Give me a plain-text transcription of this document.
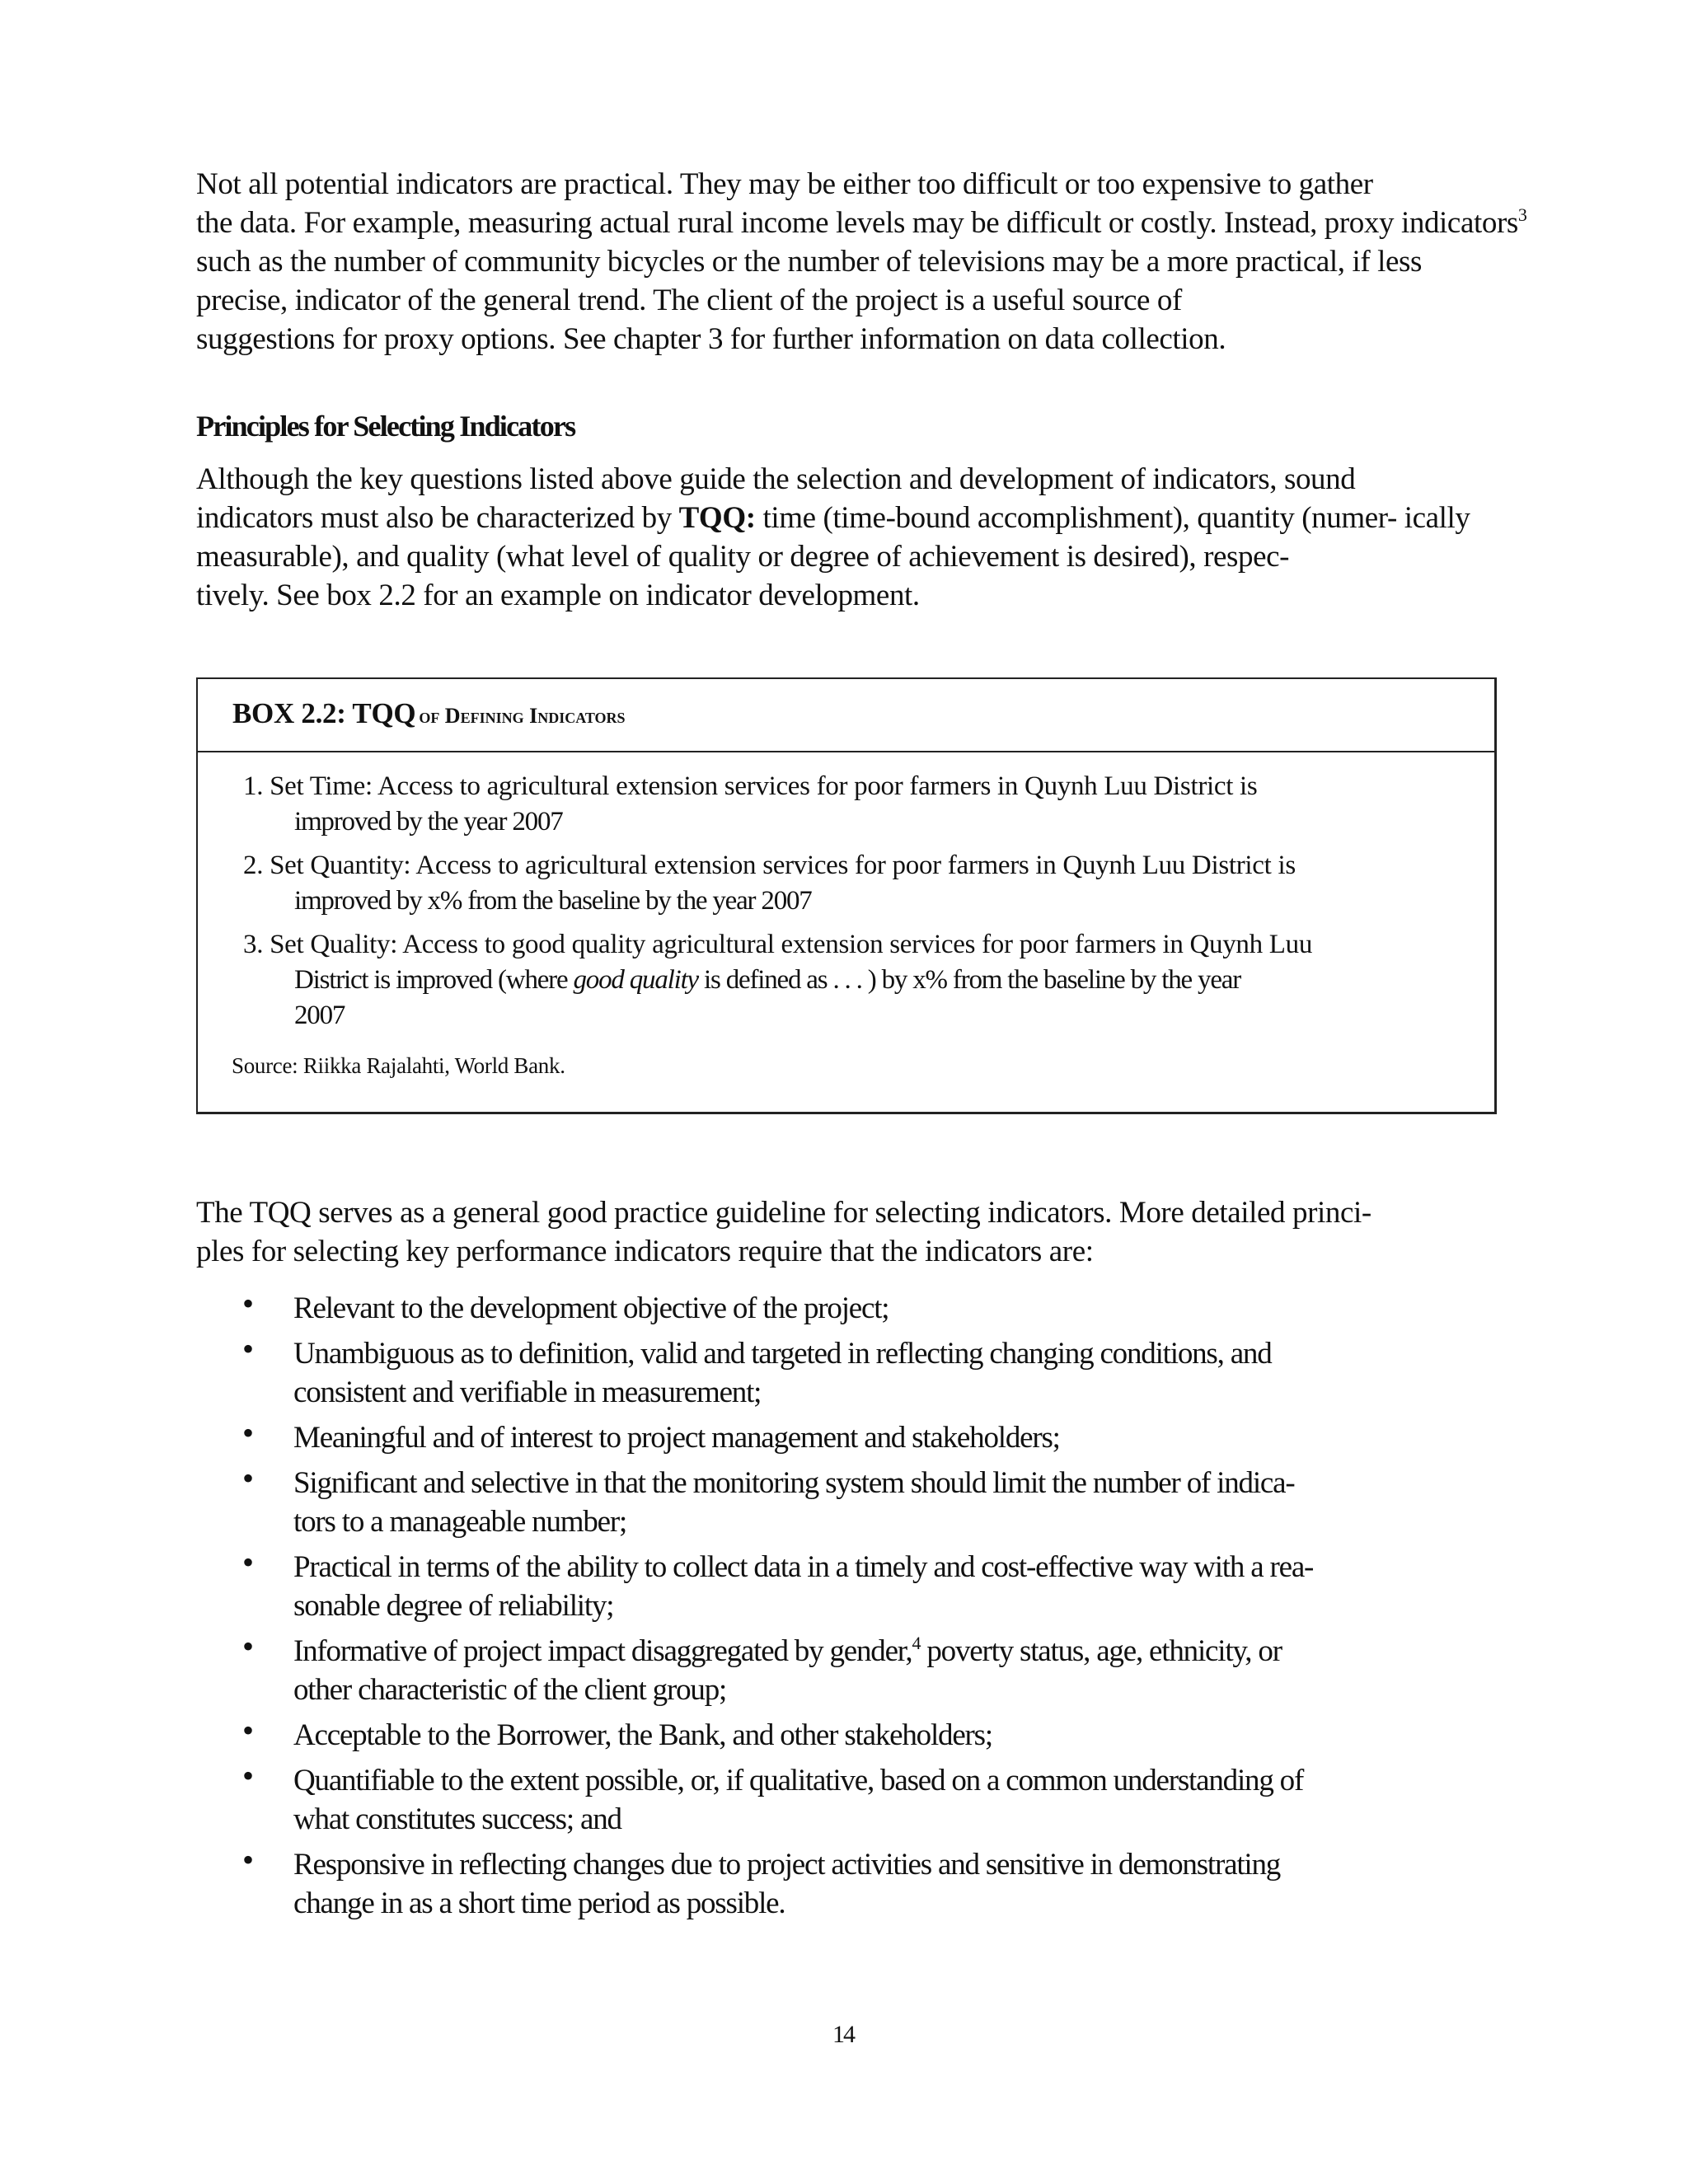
Not all potential indicators are practical. They may be either too difficult or too expensive to gather
the data. For example, measuring actual rural income levels may be difficult or costly. Instead, proxy indicators$^3$
such as the number of community bicycles or the number of televisions may be a more practical, if less
precise, indicator of the general trend. The client of the project is a useful source of
suggestions for proxy options. See chapter 3 for further information on data collection.

Principles for Selecting Indicators

Although the key questions listed above guide the selection and development of indicators, sound
indicators must also be characterized by TQQ: time (time-bound accomplishment), quantity (numer- ically
measurable), and quality (what level of quality or degree of achievement is desired), respec-
tively. See box 2.2 for an example on indicator development.

BOX 2.2: TQQ of Defining Indicators
1. Set Time: Access to agricultural extension services for poor farmers in Quynh Luu District is
improved by the year 2007
2. Set Quantity: Access to agricultural extension services for poor farmers in Quynh Luu District is
improved by x% from the baseline by the year 2007
3. Set Quality: Access to good quality agricultural extension services for poor farmers in Quynh Luu
District is improved (where good quality is defined as . . . ) by x% from the baseline by the year
2007
Source: Riikka Rajalahti, World Bank.

The TQQ serves as a general good practice guideline for selecting indicators. More detailed princi-
ples for selecting key performance indicators require that the indicators are:

• Relevant to the development objective of the project;
• Unambiguous as to definition, valid and targeted in reflecting changing conditions, and
consistent and verifiable in measurement;
• Meaningful and of interest to project management and stakeholders;
• Significant and selective in that the monitoring system should limit the number of indica-
tors to a manageable number;
• Practical in terms of the ability to collect data in a timely and cost-effective way with a rea-
sonable degree of reliability;
• Informative of project impact disaggregated by gender,$^4$ poverty status, age, ethnicity, or
other characteristic of the client group;
• Acceptable to the Borrower, the Bank, and other stakeholders;
• Quantifiable to the extent possible, or, if qualitative, based on a common understanding of
what constitutes success; and
• Responsive in reflecting changes due to project activities and sensitive in demonstrating
change in as a short time period as possible.
14
